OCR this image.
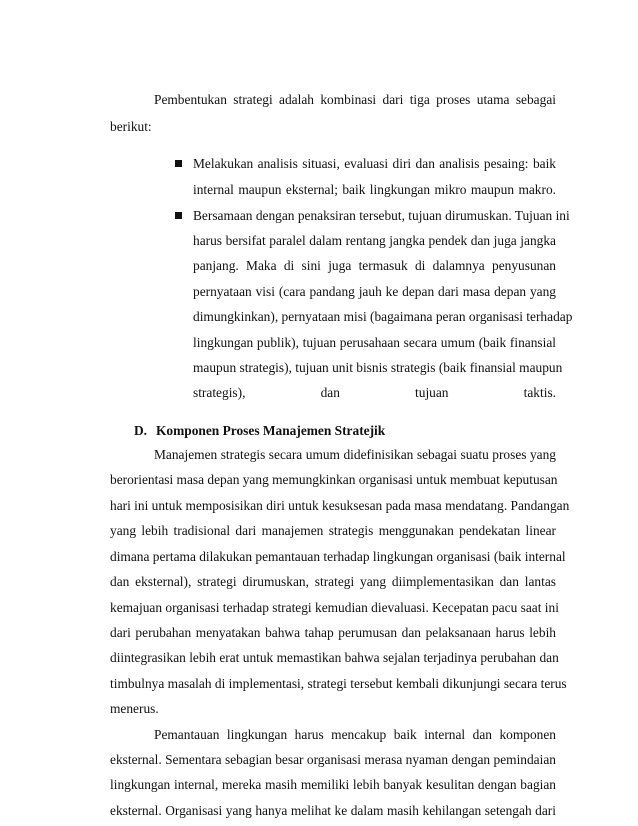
Pembentukan strategi adalah kombinasi dari tiga proses utama sebagai
berikut:
Melakukan analisis situasi, evaluasi diri dan analisis pesaing: baik
internal maupun eksternal; baik lingkungan mikro maupun makro.
Bersamaan dengan penaksiran tersebut, tujuan dirumuskan. Tujuan ini
harus bersifat paralel dalam rentang jangka pendek dan juga jangka
panjang. Maka di sini juga termasuk di dalamnya penyusunan
pernyataan visi (cara pandang jauh ke depan dari masa depan yang
dimungkinkan), pernyataan misi (bagaimana peran organisasi terhadap
lingkungan publik), tujuan perusahaan secara umum (baik finansial
maupun strategis), tujuan unit bisnis strategis (baik finansial maupun
strategis), dan tujuan taktis.
D. Komponen Proses Manajemen Stratejik
Manajemen strategis secara umum didefinisikan sebagai suatu proses yang
berorientasi masa depan yang memungkinkan organisasi untuk membuat keputusan
hari ini untuk memposisikan diri untuk kesuksesan pada masa mendatang. Pandangan
yang lebih tradisional dari manajemen strategis menggunakan pendekatan linear
dimana pertama dilakukan pemantauan terhadap lingkungan organisasi (baik internal
dan eksternal), strategi dirumuskan, strategi yang diimplementasikan dan lantas
kemajuan organisasi terhadap strategi kemudian dievaluasi. Kecepatan pacu saat ini
dari perubahan menyatakan bahwa tahap perumusan dan pelaksanaan harus lebih
diintegrasikan lebih erat untuk memastikan bahwa sejalan terjadinya perubahan dan
timbulnya masalah di implementasi, strategi tersebut kembali dikunjungi secara terus
menerus.
Pemantauan lingkungan harus mencakup baik internal dan komponen
eksternal. Sementara sebagian besar organisasi merasa nyaman dengan pemindaian
lingkungan internal, mereka masih memiliki lebih banyak kesulitan dengan bagian
eksternal. Organisasi yang hanya melihat ke dalam masih kehilangan setengah dari
